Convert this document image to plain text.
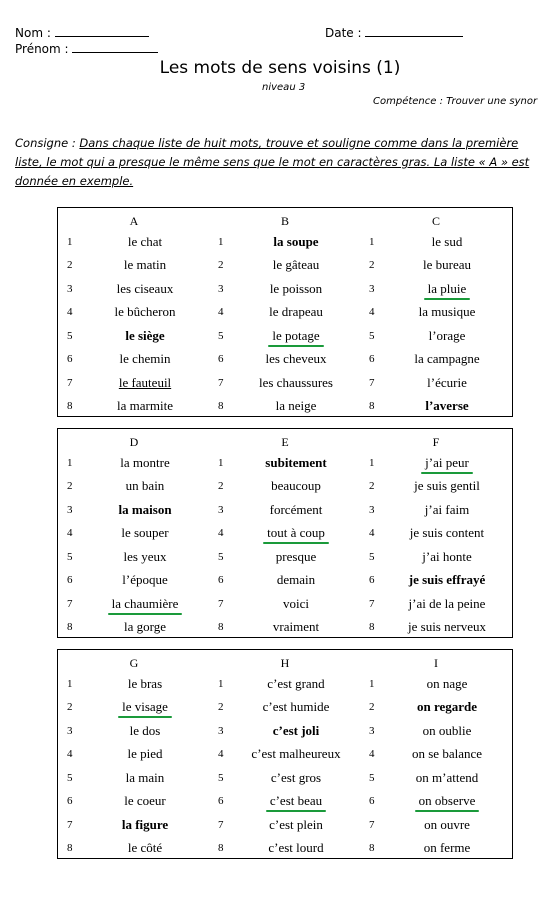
Nom :
Prénom :
Date :
Les mots de sens voisins (1)
niveau 3
Compétence : Trouver une synor
Consigne : Dans chaque liste de huit mots, trouve et souligne comme dans la première liste, le mot qui a presque le même sens que le mot en caractères gras. La liste « A » est donnée en exemple.
A
1	le chat
2	le matin
3	les ciseaux
4	le bûcheron
5	le siège
6	le chemin
7	le fauteuil
8	la marmite
B
1	la soupe
2	le gâteau
3	le poisson
4	le drapeau
5	le potage
6	les cheveux
7	les chaussures
8	la neige
C
1	le sud
2	le bureau
3	la pluie
4	la musique
5	l’orage
6	la campagne
7	l’écurie
8	l’averse
D
1	la montre
2	un bain
3	la maison
4	le souper
5	les yeux
6	l’époque
7	la chaumière
8	la gorge
E
1	subitement
2	beaucoup
3	forcément
4	tout à coup
5	presque
6	demain
7	voici
8	vraiment
F
1	j’ai peur
2	je suis gentil
3	j’ai faim
4	je suis content
5	j’ai honte
6	je suis effrayé
7	j’ai de la peine
8	je suis nerveux
G
1	le bras
2	le visage
3	le dos
4	le pied
5	la main
6	le coeur
7	la figure
8	le côté
H
1	c’est grand
2	c’est humide
3	c’est joli
4	c’est malheureux
5	c’est gros
6	c’est beau
7	c’est plein
8	c’est lourd
I
1	on nage
2	on regarde
3	on oublie
4	on se balance
5	on m’attend
6	on observe
7	on ouvre
8	on ferme
